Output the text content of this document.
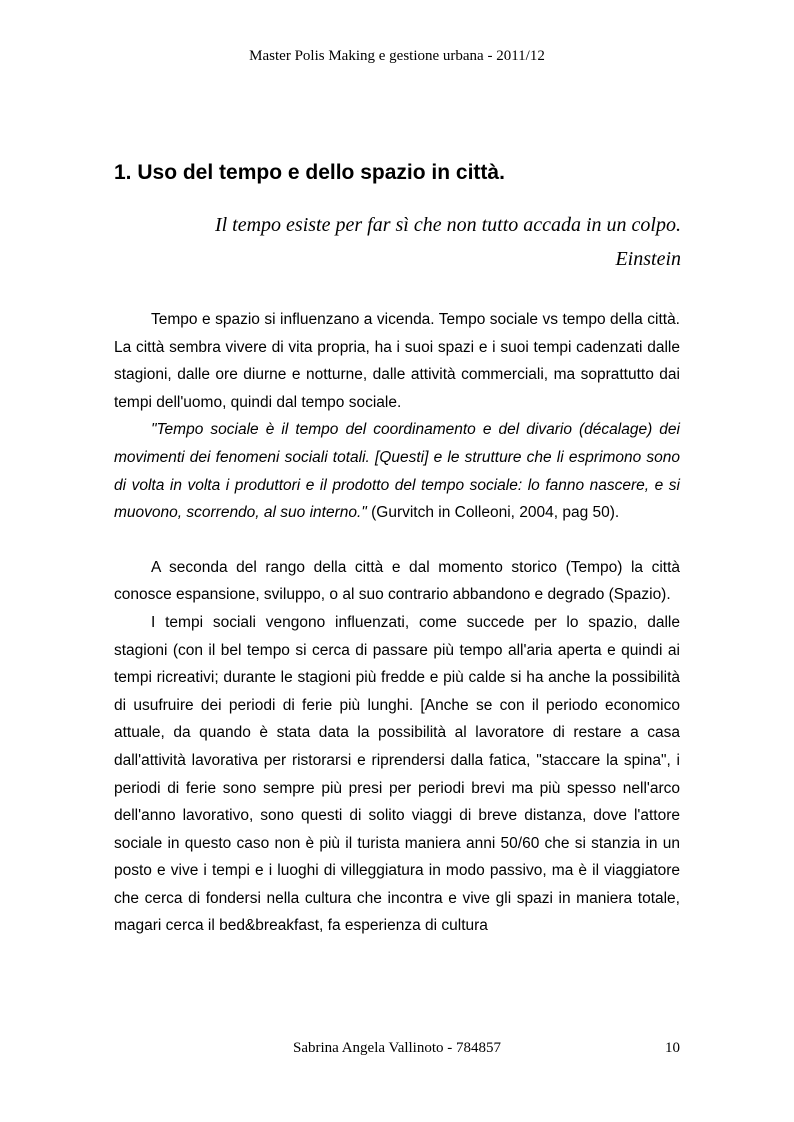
Master Polis Making e gestione urbana - 2011/12
1. Uso del tempo e dello spazio in città.
Il tempo esiste per far sì che non tutto accada in un colpo.
Einstein

Tempo e spazio si influenzano a vicenda. Tempo sociale vs tempo della città. La città sembra vivere di vita propria, ha i suoi spazi e i suoi tempi cadenzati dalle stagioni, dalle ore diurne e notturne, dalle attività commerciali, ma soprattutto dai tempi dell'uomo, quindi dal tempo sociale.

"Tempo sociale è il tempo del coordinamento e del divario (décalage) dei movimenti dei fenomeni sociali totali. [Questi] e le strutture che li esprimono sono di volta in volta i produttori e il prodotto del tempo sociale: lo fanno nascere, e si muovono, scorrendo, al suo interno." (Gurvitch in Colleoni, 2004, pag 50).

A seconda del rango della città e dal momento storico (Tempo) la città conosce espansione, sviluppo, o al suo contrario abbandono e degrado (Spazio).

I tempi sociali vengono influenzati, come succede per lo spazio, dalle stagioni (con il bel tempo si cerca di passare più tempo all'aria aperta e quindi ai tempi ricreativi; durante le stagioni più fredde e più calde si ha anche la possibilità di usufruire dei periodi di ferie più lunghi. [Anche se con il periodo economico attuale, da quando è stata data la possibilità al lavoratore di restare a casa dall'attività lavorativa per ristorarsi e riprendersi dalla fatica, "staccare la spina", i periodi di ferie sono sempre più presi per periodi brevi ma più spesso nell'arco dell'anno lavorativo, sono questi di solito viaggi di breve distanza, dove l'attore sociale in questo caso non è più il turista maniera anni 50/60 che si stanzia in un posto e vive i tempi e i luoghi di villeggiatura in modo passivo, ma è il viaggiatore che cerca di fondersi nella cultura che incontra e vive gli spazi in maniera totale, magari cerca il bed&breakfast, fa esperienza di cultura

Sabrina Angela Vallinoto - 784857	10
